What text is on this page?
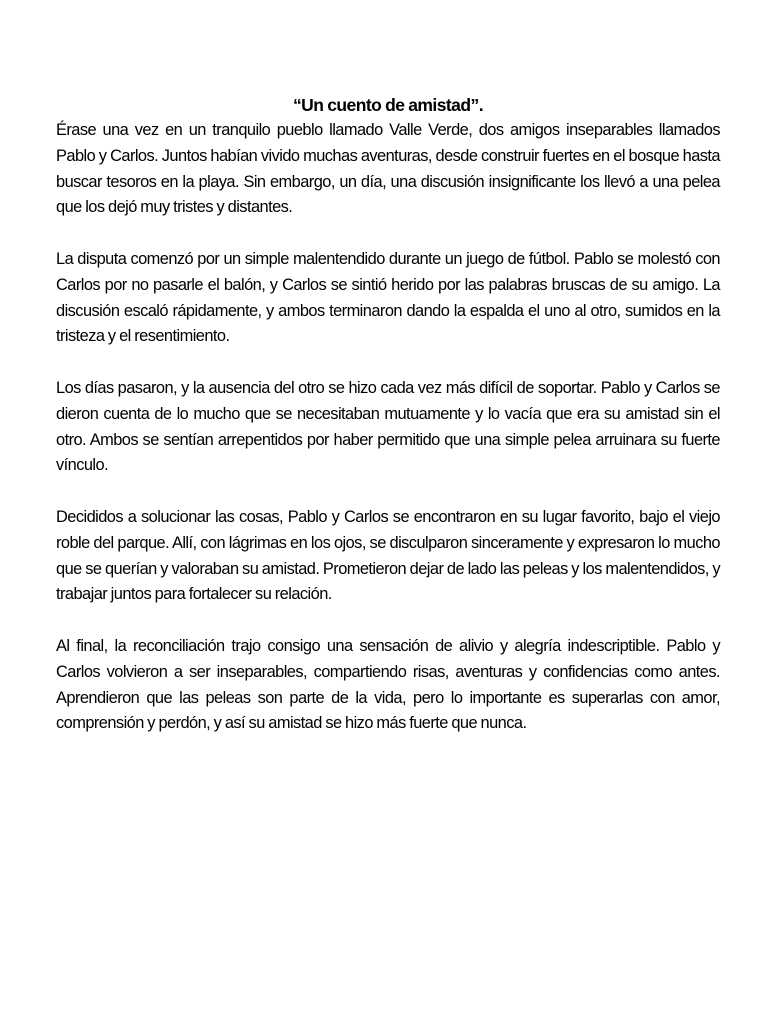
“Un cuento de amistad”.

Érase una vez en un tranquilo pueblo llamado Valle Verde, dos amigos inseparables llamados Pablo y Carlos. Juntos habían vivido muchas aventuras, desde construir fuertes en el bosque hasta buscar tesoros en la playa. Sin embargo, un día, una discusión insignificante los llevó a una pelea que los dejó muy tristes y distantes.

La disputa comenzó por un simple malentendido durante un juego de fútbol. Pablo se molestó con Carlos por no pasarle el balón, y Carlos se sintió herido por las palabras bruscas de su amigo. La discusión escaló rápidamente, y ambos terminaron dando la espalda el uno al otro, sumidos en la tristeza y el resentimiento.

Los días pasaron, y la ausencia del otro se hizo cada vez más difícil de soportar. Pablo y Carlos se dieron cuenta de lo mucho que se necesitaban mutuamente y lo vacía que era su amistad sin el otro. Ambos se sentían arrepentidos por haber permitido que una simple pelea arruinara su fuerte vínculo.

Decididos a solucionar las cosas, Pablo y Carlos se encontraron en su lugar favorito, bajo el viejo roble del parque. Allí, con lágrimas en los ojos, se disculparon sinceramente y expresaron lo mucho que se querían y valoraban su amistad. Prometieron dejar de lado las peleas y los malentendidos, y trabajar juntos para fortalecer su relación.

Al final, la reconciliación trajo consigo una sensación de alivio y alegría indescriptible. Pablo y Carlos volvieron a ser inseparables, compartiendo risas, aventuras y confidencias como antes. Aprendieron que las peleas son parte de la vida, pero lo importante es superarlas con amor, comprensión y perdón, y así su amistad se hizo más fuerte que nunca.
